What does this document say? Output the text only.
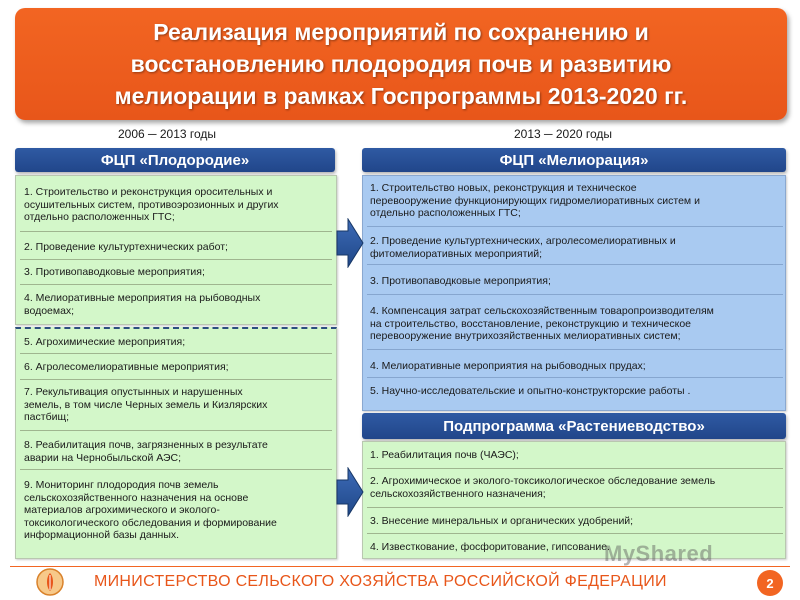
Реализация мероприятий по сохранению и
восстановлению плодородия почв и развитию
мелиорации в рамках Госпрограммы 2013-2020 гг.
2006 ─ 2013 годы	2013 ─ 2020 годы
ФЦП «Плодородие»	ФЦП «Мелиорация»
1. Строительство и реконструкция оросительных и
осушительных систем, противоэрозионных и других
отдельно расположенных ГТС;
2. Проведение культуртехнических работ;
3. Противопаводковые мероприятия;
4. Мелиоративные мероприятия на рыбоводных
водоемах;
5. Агрохимические мероприятия;
6. Агролесомелиоративные мероприятия;
7. Рекультивация опустынных и нарушенных
земель, в том числе Черных земель и Кизлярских
пастбищ;
8. Реабилитация почв, загрязненных в результате
аварии на Чернобыльской АЭС;
9. Мониторинг плодородия почв земель
сельскохозяйственного назначения на основе
материалов агрохимического и эколого-
токсикологического обследования и формирование
информационной базы данных.
1. Строительство новых, реконструкция и техническое
перевооружение функционирующих гидромелиоративных систем и
отдельно расположенных ГТС;
2. Проведение культуртехнических, агролесомелиоративных и
фитомелиоративных мероприятий;
3. Противопаводковые мероприятия;
4. Компенсация затрат сельскохозяйственным товаропроизводителям
на строительство, восстановление, реконструкцию и техническое
перевооружение внутрихозяйственных мелиоративных систем;
4. Мелиоративные мероприятия на рыбоводных прудах;
5. Научно-исследовательские и опытно-конструкторские работы .
Подпрограмма «Растениеводство»
1. Реабилитация почв (ЧАЭС);
2. Агрохимическое и эколого-токсикологическое обследование земель
сельскохозяйственного назначения;
3. Внесение минеральных и органических удобрений;
4. Известкование, фосфоритование, гипсование.
MyShared
МИНИСТЕРСТВО СЕЛЬСКОГО ХОЗЯЙСТВА РОССИЙСКОЙ ФЕДЕРАЦИИ	2
